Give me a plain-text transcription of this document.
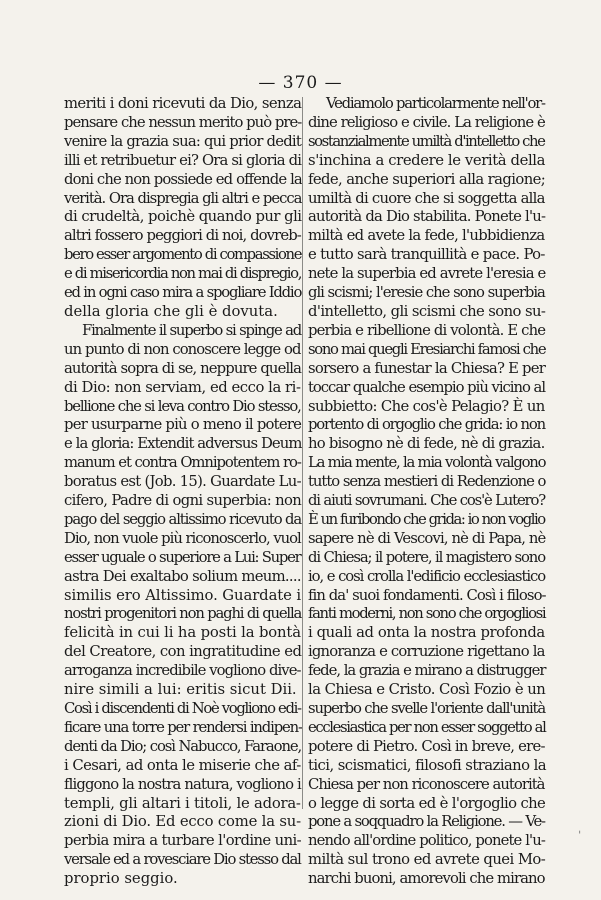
— 370 —
meriti i doni ricevuti da Dio, senza
pensare che nessun merito può pre-
venire la grazia sua: qui prior dedit
illi et retribuetur ei? Ora si gloria di
doni che non possiede ed offende la
verità. Ora dispregia gli altri e pecca
di crudeltà, poichè quando pur gli
altri fossero peggiori di noi, dovreb-
bero esser argomento di compassione
e di misericordia non mai di dispregio,
ed in ogni caso mira a spogliare Iddio
della gloria che gli è dovuta.
Finalmente il superbo si spinge ad
un punto di non conoscere legge od
autorità sopra di se, neppure quella
di Dio: non serviam, ed ecco la ri-
bellione che si leva contro Dio stesso,
per usurparne più o meno il potere
e la gloria: Extendit adversus Deum
manum et contra Omnipotentem ro-
boratus est (Job. 15). Guardate Lu-
cifero, Padre di ogni superbia: non
pago del seggio altissimo ricevuto da
Dio, non vuole più riconoscerlo, vuol
esser uguale o superiore a Lui: Super
astra Dei exaltabo solium meum....
similis ero Altissimo. Guardate i
nostri progenitori non paghi di quella
felicità in cui li ha posti la bontà
del Creatore, con ingratitudine ed
arroganza incredibile vogliono dive-
nire simili a lui: eritis sicut Dii.
Così i discendenti di Noè vogliono edi-
ficare una torre per rendersi indipen-
denti da Dio; così Nabucco, Faraone,
i Cesari, ad onta le miserie che af-
fliggono la nostra natura, vogliono i
templi, gli altari i titoli, le adora-
zioni di Dio. Ed ecco come la su-
perbia mira a turbare l'ordine uni-
versale ed a rovesciare Dio stesso dal
proprio seggio.
Vediamolo particolarmente nell'or-
dine religioso e civile. La religione è
sostanzialmente umiltà d'intelletto che
s'inchina a credere le verità della
fede, anche superiori alla ragione;
umiltà di cuore che si soggetta alla
autorità da Dio stabilita. Ponete l'u-
miltà ed avete la fede, l'ubbidienza
e tutto sarà tranquillità e pace. Po-
nete la superbia ed avrete l'eresia e
gli scismi; l'eresie che sono superbia
d'intelletto, gli scismi che sono su-
perbia e ribellione di volontà. E che
sono mai quegli Eresiarchi famosi che
sorsero a funestar la Chiesa? E per
toccar qualche esempio più vicino al
subbietto: Che cos'è Pelagio? È un
portento di orgoglio che grida: io non
ho bisogno nè di fede, nè di grazia.
La mia mente, la mia volontà valgono
tutto senza mestieri di Redenzione o
di aiuti sovrumani. Che cos'è Lutero?
È un furibondo che grida: io non voglio
sapere nè di Vescovi, nè di Papa, nè
di Chiesa; il potere, il magistero sono
io, e così crolla l'edificio ecclesiastico
fin da' suoi fondamenti. Così i filoso-
fanti moderni, non sono che orgogliosi
i quali ad onta la nostra profonda
ignoranza e corruzione rigettano la
fede, la grazia e mirano a distrugger
la Chiesa e Cristo. Così Fozio è un
superbo che svelle l'oriente dall'unità
ecclesiastica per non esser soggetto al
potere di Pietro. Così in breve, ere-
tici, scismatici, filosofi straziano la
Chiesa per non riconoscere autorità
o legge di sorta ed è l'orgoglio che
pone a soqquadro la Religione. — Ve-
nendo all'ordine politico, ponete l'u-
miltà sul trono ed avrete quei Mo-
narchi buoni, amorevoli che mirano
ˌ
